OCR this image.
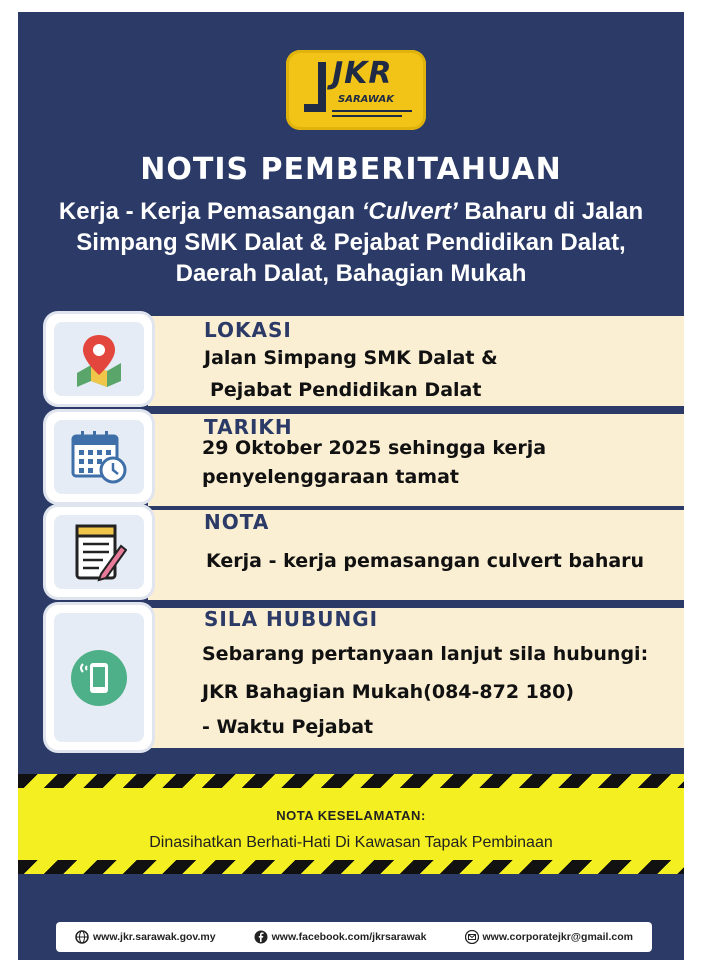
JKR
SARAWAK
NOTIS PEMBERITAHUAN
Kerja - Kerja Pemasangan ‘Culvert’ Baharu di Jalan Simpang SMK Dalat & Pejabat Pendidikan Dalat, Daerah Dalat, Bahagian Mukah
LOKASI
Jalan Simpang SMK Dalat &
Pejabat Pendidikan Dalat
TARIKH
29 Oktober 2025 sehingga kerja
penyelenggaraan tamat
NOTA
Kerja - kerja pemasangan culvert baharu
SILA HUBUNGI
Sebarang pertanyaan lanjut sila hubungi:
JKR Bahagian Mukah(084-872 180)
- Waktu Pejabat
NOTA KESELAMATAN:
Dinasihatkan Berhati-Hati Di Kawasan Tapak Pembinaan
www.jkr.sarawak.gov.my	www.facebook.com/jkrsarawak	www.corporatejkr@gmail.com
